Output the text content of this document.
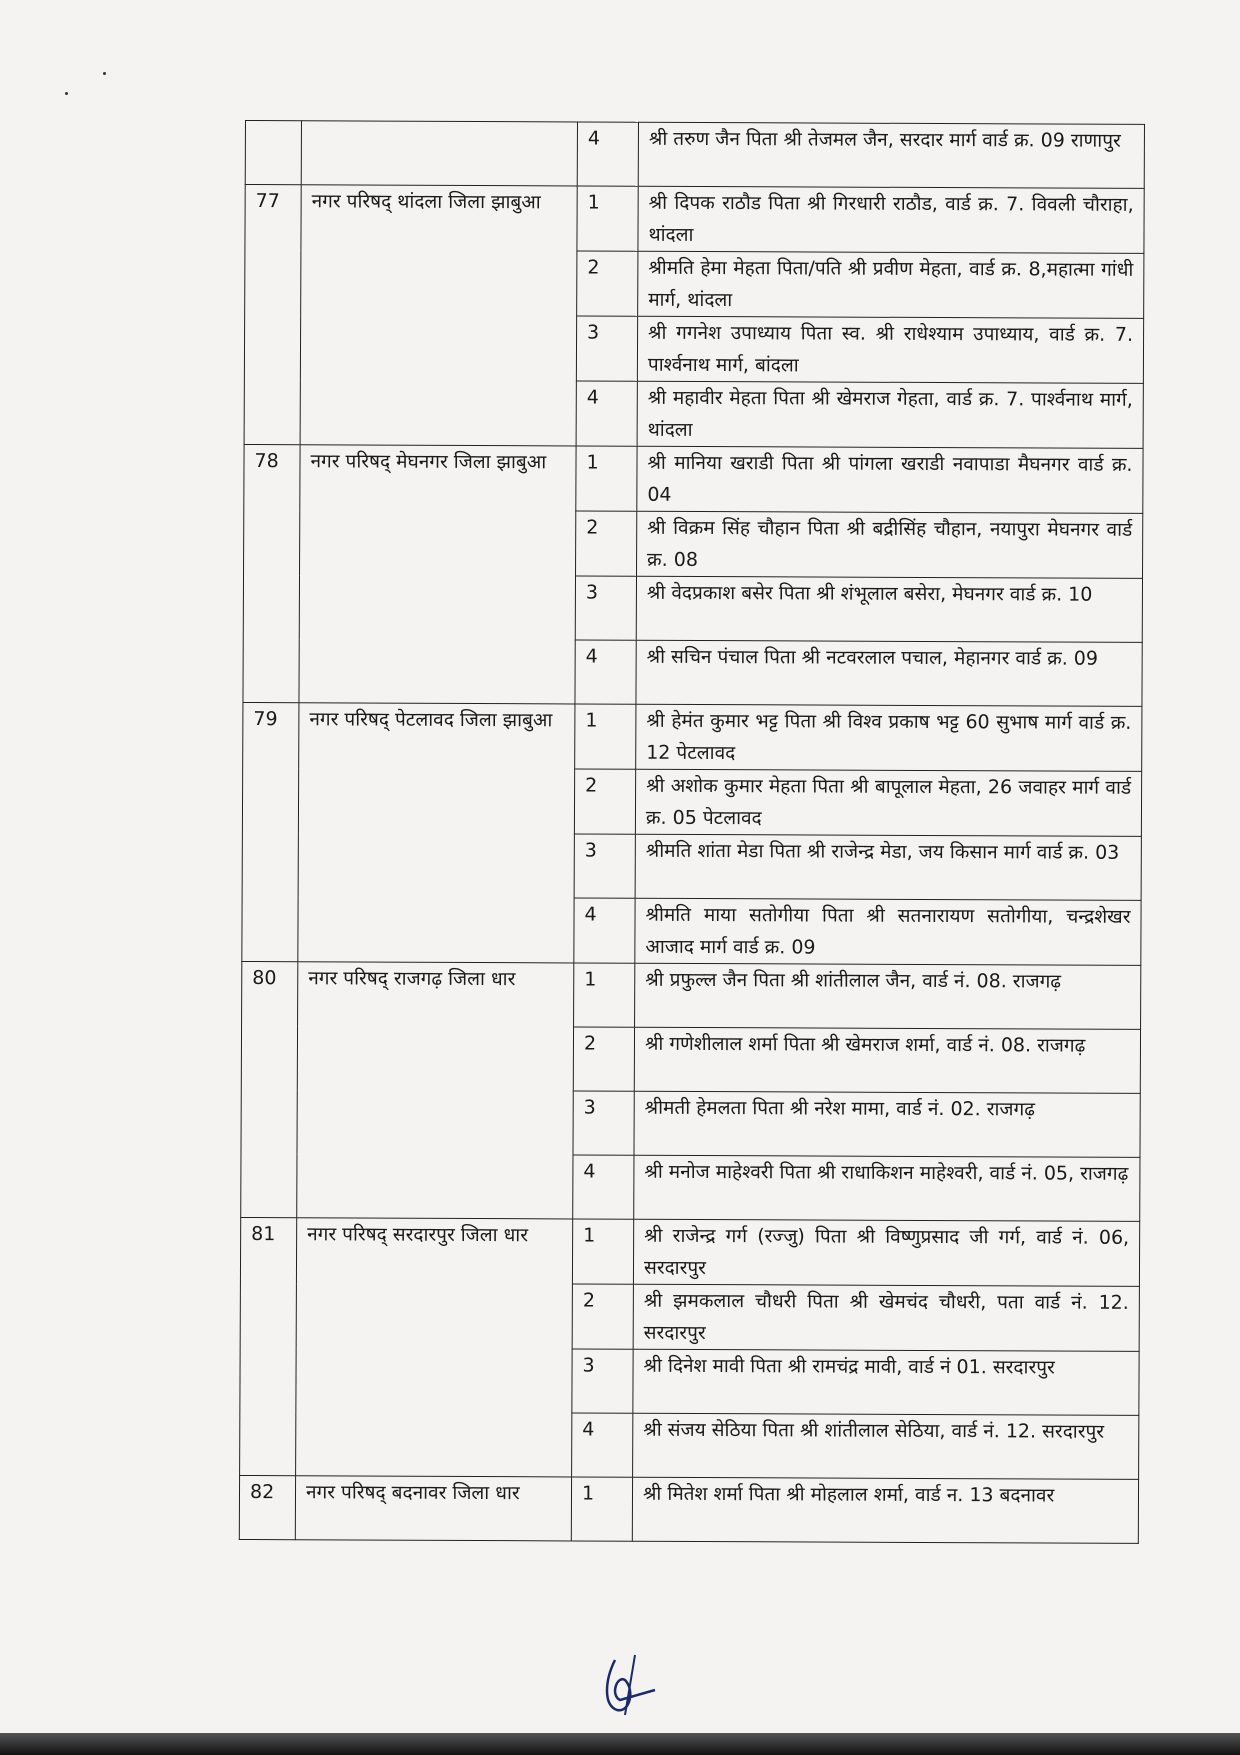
		4	श्री तरुण जैन पिता श्री तेजमल जैन, सरदार मार्ग वार्ड क्र. 09 राणापुर
77	नगर परिषद् थांदला जिला झाबुआ	1	श्री दिपक राठौड पिता श्री गिरधारी राठौड, वार्ड क्र. 7. विवली चौराहा, थांदला
		2	श्रीमति हेमा मेहता पिता/पति श्री प्रवीण मेहता, वार्ड क्र. 8,महात्मा गांधी मार्ग, थांदला
		3	श्री गगनेश उपाध्याय पिता स्व. श्री राधेश्याम उपाध्याय, वार्ड क्र. 7. पार्श्वनाथ मार्ग, बांदला
		4	श्री महावीर मेहता पिता श्री खेमराज गेहता, वार्ड क्र. 7. पार्श्वनाथ मार्ग, थांदला
78	नगर परिषद् मेघनगर जिला झाबुआ	1	श्री मानिया खराडी पिता श्री पांगला खराडी नवापाडा मैघनगर वार्ड क्र. 04
		2	श्री विक्रम सिंह चौहान पिता श्री बद्रीसिंह चौहान, नयापुरा मेघनगर वार्ड क्र. 08
		3	श्री वेदप्रकाश बसेर पिता श्री शंभूलाल बसेरा, मेघनगर वार्ड क्र. 10
		4	श्री सचिन पंचाल पिता श्री नटवरलाल पचाल, मेहानगर वार्ड क्र. 09
79	नगर परिषद् पेटलावद जिला झाबुआ	1	श्री हेमंत कुमार भट्ट पिता श्री विश्व प्रकाष भट्ट 60 सुभाष मार्ग वार्ड क्र. 12 पेटलावद
		2	श्री अशोक कुमार मेहता पिता श्री बापूलाल मेहता, 26 जवाहर मार्ग वार्ड क्र. 05 पेटलावद
		3	श्रीमति शांता मेडा पिता श्री राजेन्द्र मेडा, जय किसान मार्ग वार्ड क्र. 03
		4	श्रीमति माया सतोगीया पिता श्री सतनारायण सतोगीया, चन्द्रशेखर आजाद मार्ग वार्ड क्र. 09
80	नगर परिषद् राजगढ़ जिला धार	1	श्री प्रफुल्ल जैन पिता श्री शांतीलाल जैन, वार्ड नं. 08. राजगढ़
		2	श्री गणेशीलाल शर्मा पिता श्री खेमराज शर्मा, वार्ड नं. 08. राजगढ़
		3	श्रीमती हेमलता पिता श्री नरेश मामा, वार्ड नं. 02. राजगढ़
		4	श्री मनोज माहेश्वरी पिता श्री राधाकिशन माहेश्वरी, वार्ड नं. 05, राजगढ़
81	नगर परिषद् सरदारपुर जिला धार	1	श्री राजेन्द्र गर्ग (रज्जु) पिता श्री विष्णुप्रसाद जी गर्ग, वार्ड नं. 06, सरदारपुर
		2	श्री झमकलाल चौधरी पिता श्री खेमचंद चौधरी, पता वार्ड नं. 12. सरदारपुर
		3	श्री दिनेश मावी पिता श्री रामचंद्र मावी, वार्ड नं 01. सरदारपुर
		4	श्री संजय सेठिया पिता श्री शांतीलाल सेठिया, वार्ड नं. 12. सरदारपुर
82	नगर परिषद् बदनावर जिला धार	1	श्री मितेश शर्मा पिता श्री मोहलाल शर्मा, वार्ड न. 13 बदनावर
